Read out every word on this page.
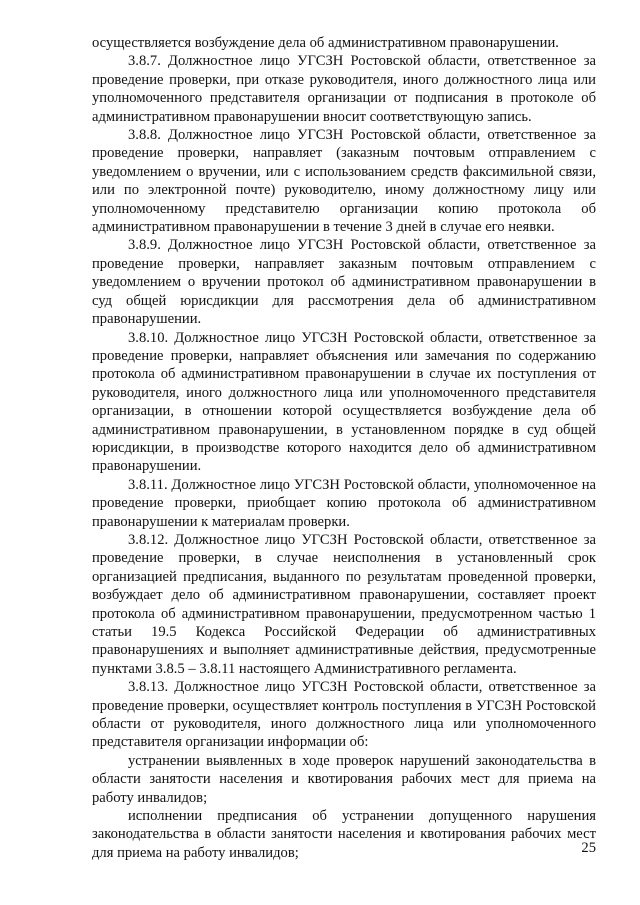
осуществляется возбуждение дела об административном правонарушении.

3.8.7. Должностное лицо УГСЗН Ростовской области, ответственное за проведение проверки, при отказе руководителя, иного должностного лица или уполномоченного представителя организации от подписания в протоколе об административном правонарушении вносит соответствующую запись.

3.8.8. Должностное лицо УГСЗН Ростовской области, ответственное за проведение проверки, направляет (заказным почтовым отправлением с уведомлением о вручении, или с использованием средств факсимильной связи, или по электронной почте) руководителю, иному должностному лицу или уполномоченному представителю организации копию протокола об административном правонарушении в течение 3 дней в случае его неявки.

3.8.9. Должностное лицо УГСЗН Ростовской области, ответственное за проведение проверки, направляет заказным почтовым отправлением с уведомлением о вручении протокол об административном правонарушении в суд общей юрисдикции для рассмотрения дела об административном правонарушении.

3.8.10. Должностное лицо УГСЗН Ростовской области, ответственное за проведение проверки, направляет объяснения или замечания по содержанию протокола об административном правонарушении в случае их поступления от руководителя, иного должностного лица или уполномоченного представителя организации, в отношении которой осуществляется возбуждение дела об административном правонарушении, в установленном порядке в суд общей юрисдикции, в производстве которого находится дело об административном правонарушении.

3.8.11. Должностное лицо УГСЗН Ростовской области, уполномоченное на проведение проверки, приобщает копию протокола об административном правонарушении к материалам проверки.

3.8.12. Должностное лицо УГСЗН Ростовской области, ответственное за проведение проверки, в случае неисполнения в установленный срок организацией предписания, выданного по результатам проведенной проверки, возбуждает дело об административном правонарушении, составляет проект протокола об административном правонарушении, предусмотренном частью 1 статьи 19.5 Кодекса Российской Федерации об административных правонарушениях и выполняет административные действия, предусмотренные пунктами 3.8.5 – 3.8.11 настоящего Административного регламента.

3.8.13. Должностное лицо УГСЗН Ростовской области, ответственное за проведение проверки, осуществляет контроль поступления в УГСЗН Ростовской области от руководителя, иного должностного лица или уполномоченного представителя организации информации об:

устранении выявленных в ходе проверок нарушений законодательства в области занятости населения и квотирования рабочих мест для приема на работу инвалидов;

исполнении предписания об устранении допущенного нарушения законодательства в области занятости населения и квотирования рабочих мест для приема на работу инвалидов;	25
